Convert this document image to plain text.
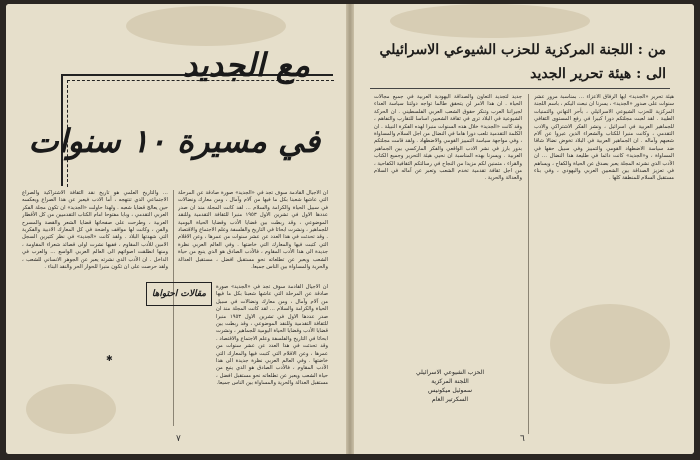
مع الجديد
في مسيرة ١٠ سنوات
… والتاريخ العلمي هو تاريخ نقد الثقافة الاشتراكية والصراع الاجتماعي الذي تنتهجه ، أما الادب فيعبر عن هذا الصراع ويعكسه حين يعالج قضايا شعبه . ولهذا حاولت «الجديد» ان تكون مجلة الفكر العربي التقدمي ، وبابا مفتوحا امام الكتاب التقدميين من كل الأقطار العربية ، وطرحت على صفحاتها قضايا الشعر والقصة والمسرح والفن ، وكانت لها مواقف واضحة في كل المعارك الادبية والفكرية التي شهدتها البلاد . ولقد كانت «الجديد» في نظر كثيرين السجل الامين للأدب المقاوم ، ففيها نشرت اولى قصائد شعراء المقاومة ، ومنها انطلقت اصواتهم الى العالم العربي الواسع … والعرب في الداخل . ان الأدب الذي نشرته يعبر عن الجوهر الانساني للشعب ، ولقد حرصت على ان تكون منبرا للحوار الحر والنقد البناء .
ان الاجيال القادمة سوف تجد في «الجديد» صورة صادقة عن المرحلة التي عاشها شعبنا بكل ما فيها من آلام وآمال ، ومن معارك ونضالات في سبيل الحياة والكرامة والسلام … لقد كانت المجلة منذ ان صدر عددها الاول في تشرين الاول ١٩٥٣ منبرا للثقافة التقدمية وللنقد الموضوعي ، وقد ربطت بين قضايا الأدب وقضايا الحياة اليومية للجماهير ، ونشرت ابحاثا في التاريخ والفلسفة وعلم الاجتماع والاقتصاد . وقد تحدثت في هذا العدد عن عشر سنوات من عمرها ، وعن الاقلام التي كتبت فيها والمعارك التي خاضتها . وفي العالم العربي نظرة جديدة الى هذا الأدب المقاوم ، فالأدب الصادق هو الذي ينبع من حياة الشعب ويعبر عن تطلعاته نحو مستقبل افضل ، مستقبل العدالة والحرية والمساواة بين الناس جميعا.
مقالات احتواها
ان الاجيال القادمة سوف تجد في «الجديد» صورة صادقة عن المرحلة التي عاشها شعبنا بكل ما فيها من آلام وآمال ، ومن معارك ونضالات في سبيل الحياة والكرامة والسلام … لقد كانت المجلة منذ ان صدر عددها الاول في تشرين الاول ١٩٥٣ منبرا للثقافة التقدمية وللنقد الموضوعي ، وقد ربطت بين قضايا الأدب وقضايا الحياة اليومية للجماهير ، ونشرت ابحاثا في التاريخ والفلسفة وعلم الاجتماع والاقتصاد . وقد تحدثت في هذا العدد عن عشر سنوات من عمرها ، وعن الاقلام التي كتبت فيها والمعارك التي خاضتها . وفي العالم العربي نظرة جديدة الى هذا الأدب المقاوم ، فالأدب الصادق هو الذي ينبع من حياة الشعب ويعبر عن تطلعاته نحو مستقبل افضل ، مستقبل العدالة والحرية والمساواة بين الناس جميعا.
✱
٧
من : اللجنة المركزية للحزب الشيوعي الاسرائيلي
الى : هيئة تحرير الجديد
هيئة تحرير «الجديد» ايها الرفاق الاعزاء … بمناسبة مرور عشر سنوات على صدور «الجديد» ، يسرنا ان نبعث اليكم ، باسم اللجنة المركزية للحزب الشيوعي الاسرائيلي ، بأحر التهاني والتمنيات الطيبة . لقد لعبت مجلتكم دورا كبيرا في رفع المستوى الثقافي للجماهير العربية في اسرائيل ، ونشر الفكر الاشتراكي والادب التقدمي ، وكانت منبرا للكتاب والشعراء الذين عبروا عن آلام شعبهم وآماله . ان الجماهير العربية في البلاد تخوض نضالا شاقا ضد سياسة الاضطهاد القومي والتمييز وفي سبيل حقها في المساواة ، و«الجديد» كانت دائما في طليعة هذا النضال … ان الأدب الذي نشرته المجلة يعبر بصدق عن الحياة والكفاح ، ويساهم في تعزيز الصداقة بين الشعبين العربي واليهودي ، وفي بناء مستقبل السلام للمنطقة كلها .
جديد لتجديد التعاون والصداقة اليهودية العربية في جميع مجالات الحياة . ان هذا الامر لن يتحقق طالما تواجه دولتنا سياسة العداء لجيراننا العرب وتنكر حقوق الشعب العربي الفلسطيني . ان الحركة الشيوعية في البلاد ترى في ثقافة الشعبين اساسا للتقارب والتفاهم ، وقد كانت «الجديد» خلال هذه السنوات منبرا لهذه الفكرة النبيلة . ان الكلمة التقدمية تلعب دورا هاما في النضال من اجل السلام والمساواة ، وفي مواجهة سياسة التمييز القومي والاضطهاد . ولقد قامت مجلتكم بدور بارز في نشر الادب الواقعي والفكر الماركسي بين الجماهير العربية . ويسرنا بهذه المناسبة ان نحيي هيئة التحرير وجميع الكتاب والقراء ، متمنين لكم مزيدا من النجاح في رسالتكم الثقافية الكفاحية ، من اجل ثقافة تقدمية تخدم الشعب وتعبر عن آماله في السلام والعدالة والحرية .
الحزب الشيوعي الاسرائيلي
اللجنة المركزية
سموئيل ميكونيس
السكرتير العام
٦
